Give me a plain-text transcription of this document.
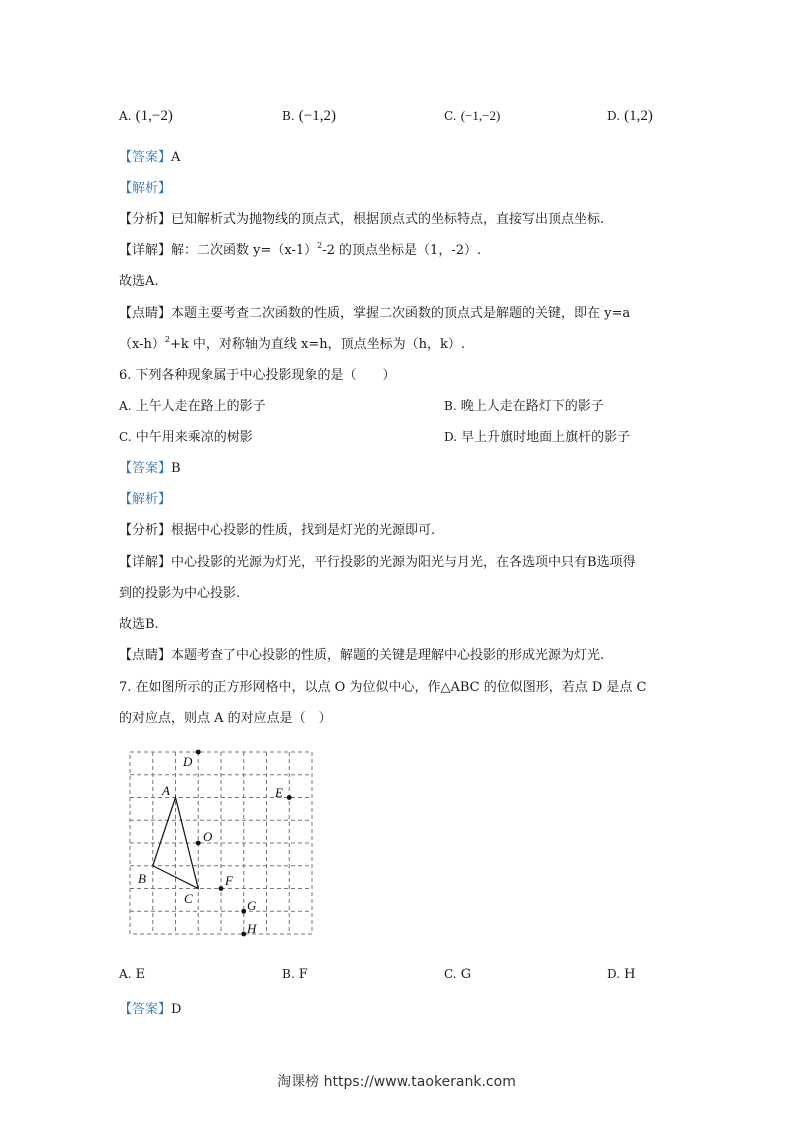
A. (1,−2)	B. (−1,2)	C. (−1,−2)	D. (1,2)
【答案】A
【解析】
【分析】已知解析式为抛物线的顶点式，根据顶点式的坐标特点，直接写出顶点坐标.
【详解】解：二次函数 $y=(x-1)^2-2$ 的顶点坐标是（1，-2）.
故选A.
【点睛】本题主要考查二次函数的性质，掌握二次函数的顶点式是解题的关键，即在 y=a
$(x-h)^2+k$ 中，对称轴为直线 x=h，顶点坐标为（h，k）.
6. 下列各种现象属于中心投影现象的是（　　）
A. 上午人走在路上的影子	B. 晚上人走在路灯下的影子
C. 中午用来乘凉的树影	D. 早上升旗时地面上旗杆的影子
【答案】B
【解析】
【分析】根据中心投影的性质，找到是灯光的光源即可.
【详解】中心投影的光源为灯光，平行投影的光源为阳光与月光，在各选项中只有B选项得
到的投影为中心投影.
故选B.
【点睛】本题考查了中心投影的性质，解题的关键是理解中心投影的形成光源为灯光.
7. 在如图所示的正方形网格中，以点 O 为位似中心，作△ABC 的位似图形，若点 D 是点 C
的对应点，则点 A 的对应点是（　）
D
E
A
O
B
C
F
G
H
A. E	B. F	C. G	D. H
【答案】D
淘课榜 https://www.taokerank.com
